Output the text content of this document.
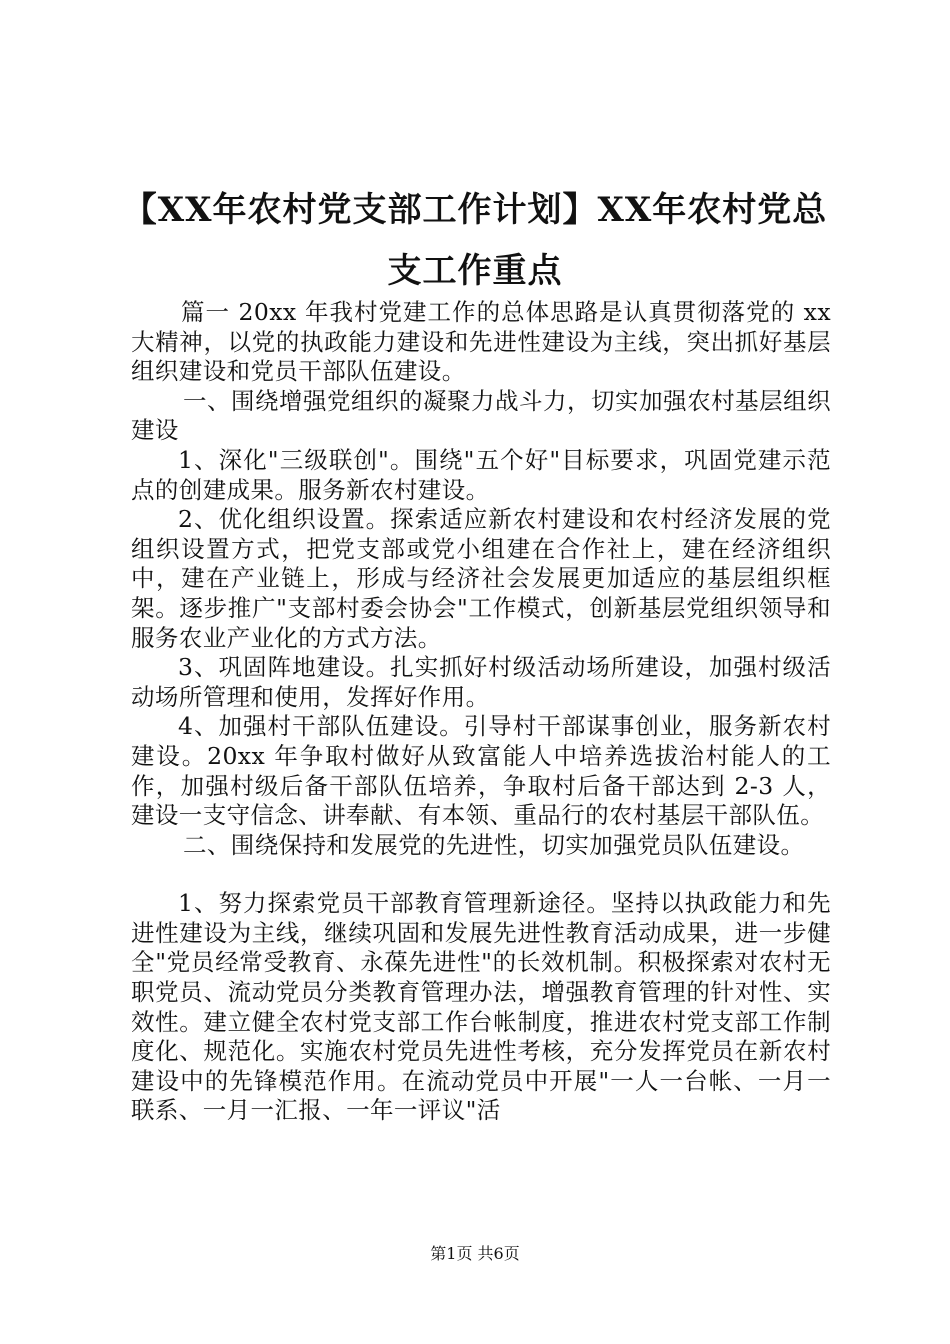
【XX年农村党支部工作计划】XX年农村党总
支工作重点

篇一 20xx 年我村党建工作的总体思路是认真贯彻落党的 xx 大精神，以党的执政能力建设和先进性建设为主线，突出抓好基层组织建设和党员干部队伍建设。

一、围绕增强党组织的凝聚力战斗力，切实加强农村基层组织建设

1、深化"三级联创"。围绕"五个好"目标要求，巩固党建示范点的创建成果。服务新农村建设。

2、优化组织设置。探索适应新农村建设和农村经济发展的党组织设置方式，把党支部或党小组建在合作社上，建在经济组织中，建在产业链上，形成与经济社会发展更加适应的基层组织框架。逐步推广"支部村委会协会"工作模式，创新基层党组织领导和服务农业产业化的方式方法。

3、巩固阵地建设。扎实抓好村级活动场所建设，加强村级活动场所管理和使用，发挥好作用。

4、加强村干部队伍建设。引导村干部谋事创业，服务新农村建设。20xx 年争取村做好从致富能人中培养选拔治村能人的工作，加强村级后备干部队伍培养，争取村后备干部达到 2-3 人，建设一支守信念、讲奉献、有本领、重品行的农村基层干部队伍。

二、围绕保持和发展党的先进性，切实加强党员队伍建设。

1、努力探索党员干部教育管理新途径。坚持以执政能力和先进性建设为主线，继续巩固和发展先进性教育活动成果，进一步健全"党员经常受教育、永葆先进性"的长效机制。积极探索对农村无职党员、流动党员分类教育管理办法，增强教育管理的针对性、实效性。建立健全农村党支部工作台帐制度，推进农村党支部工作制度化、规范化。实施农村党员先进性考核，充分发挥党员在新农村建设中的先锋模范作用。在流动党员中开展"一人一台帐、一月一联系、一月一汇报、一年一评议"活

第1页 共6页
